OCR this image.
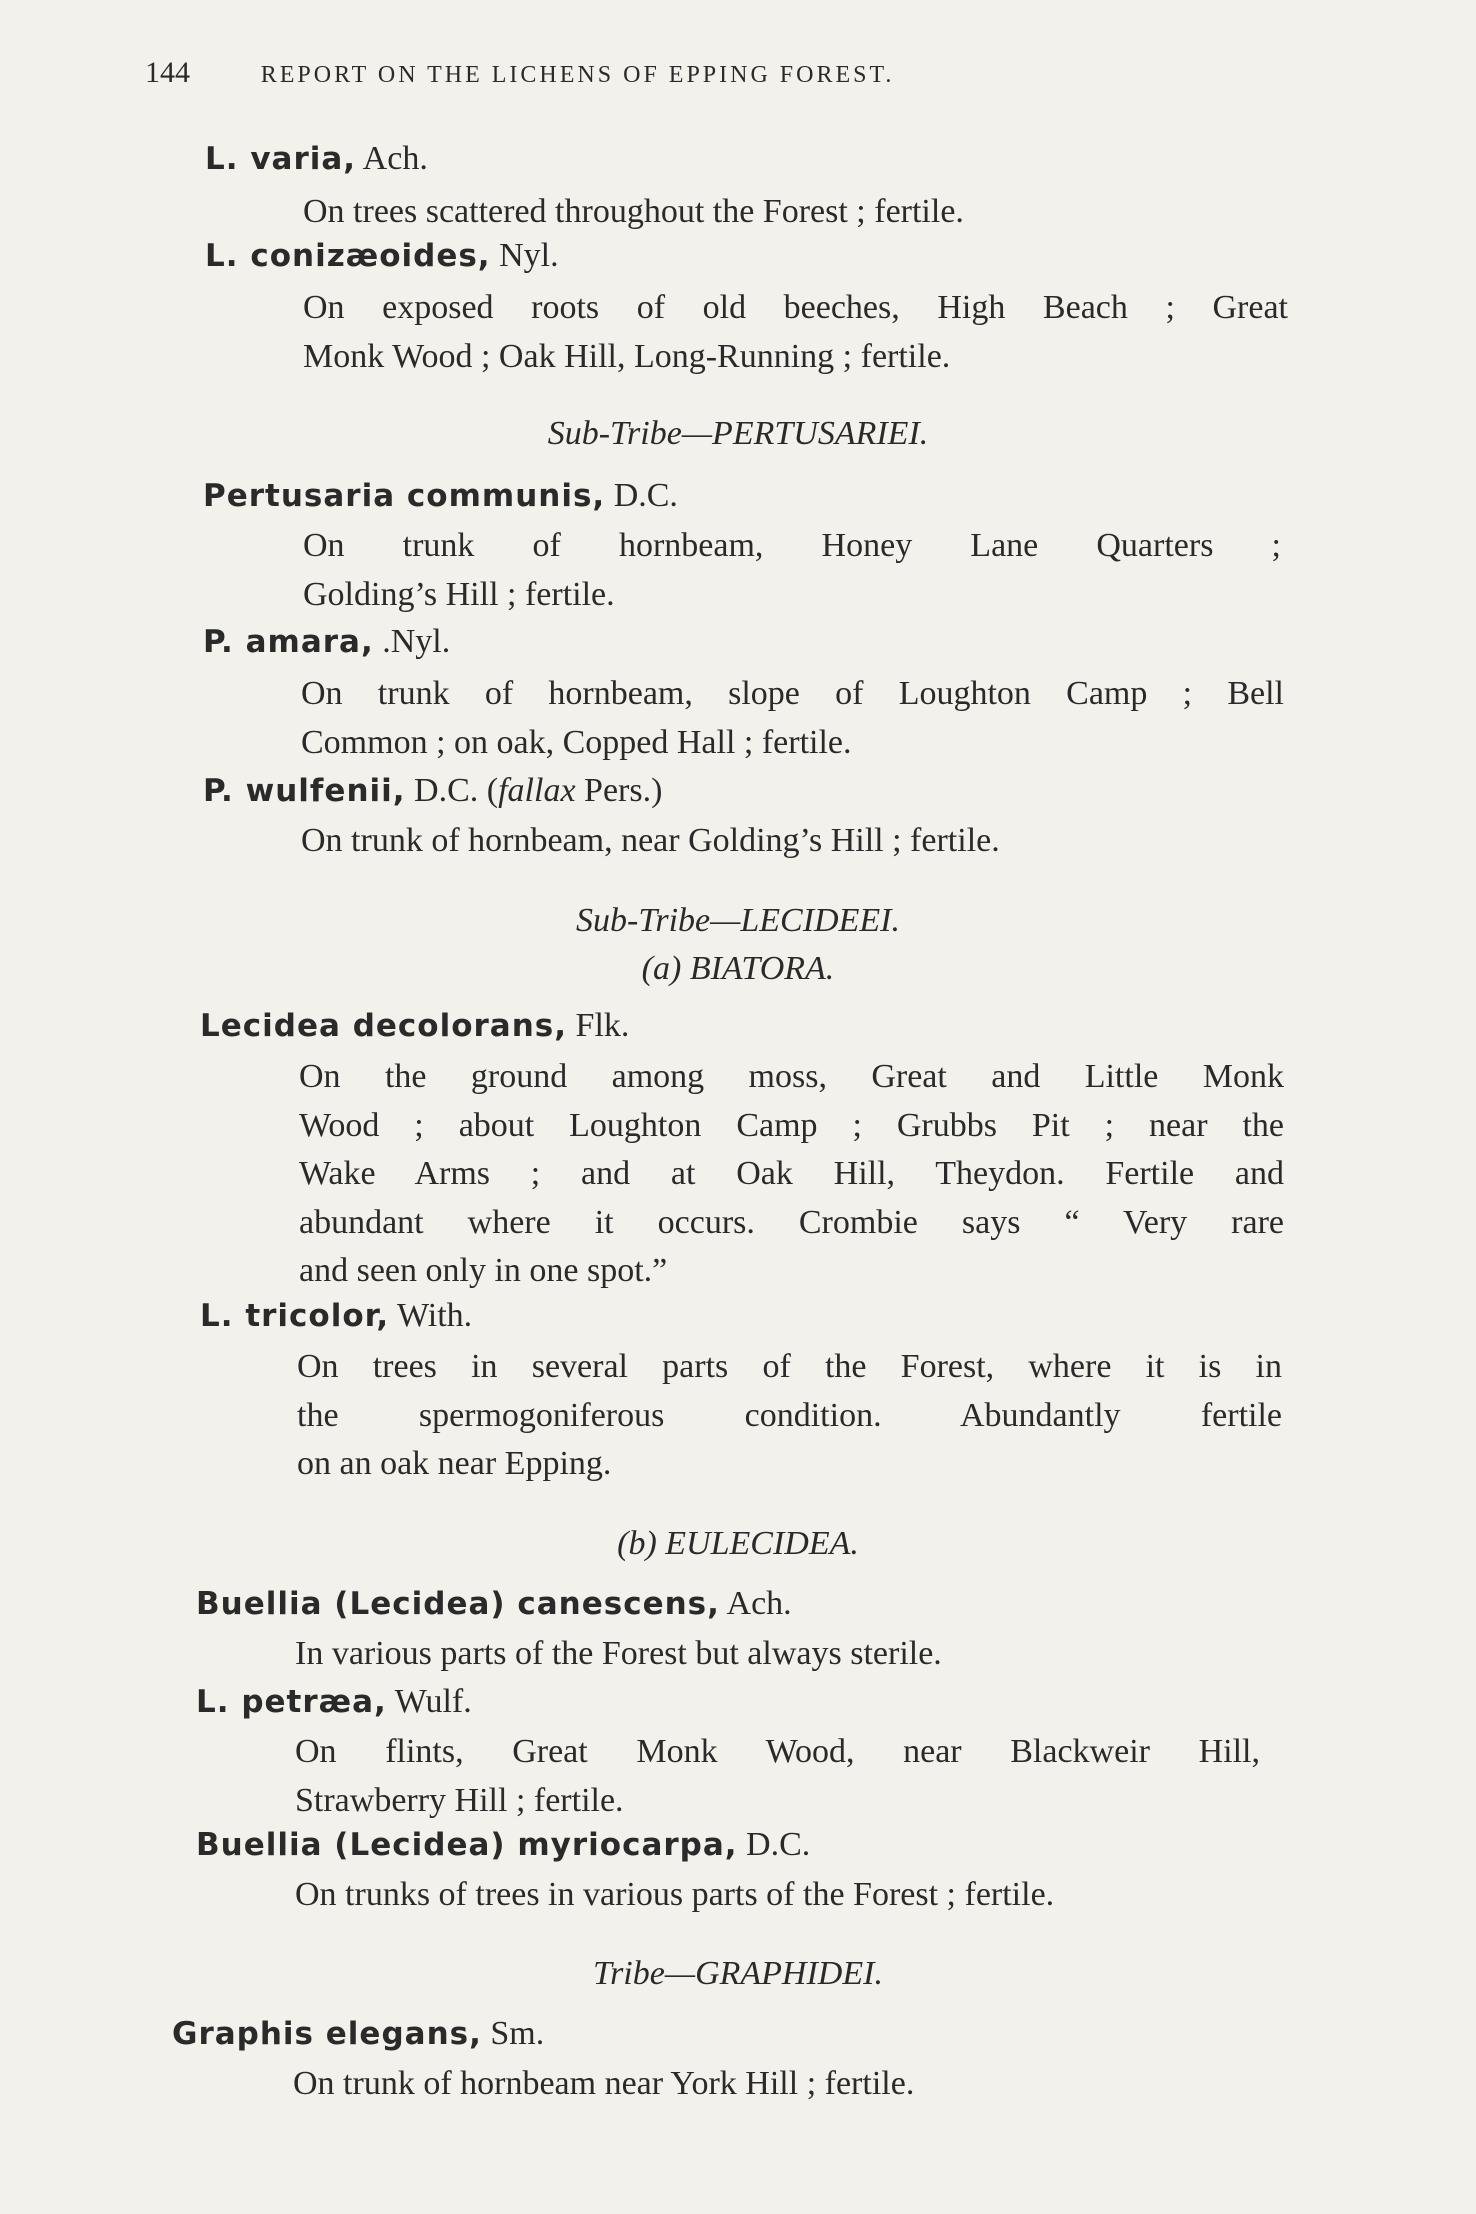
144	REPORT ON THE LICHENS OF EPPING FOREST.
L. varia, Ach.
On trees scattered throughout the Forest ; fertile.
L. conizæoides, Nyl.
On exposed roots of old beeches, High Beach ; Great
Monk Wood ; Oak Hill, Long-Running ; fertile.
Sub-Tribe—PERTUSARIEI.
Pertusaria communis, D.C.
On trunk of hornbeam, Honey Lane Quarters ;
Golding’s Hill ; fertile.
P. amara, .Nyl.
On trunk of hornbeam, slope of Loughton Camp ; Bell
Common ; on oak, Copped Hall ; fertile.
P. wulfenii, D.C. (fallax Pers.)
On trunk of hornbeam, near Golding’s Hill ; fertile.
Sub-Tribe—LECIDEEI.
(a) BIATORA.
Lecidea decolorans, Flk.
On the ground among moss, Great and Little Monk
Wood ; about Loughton Camp ; Grubbs Pit ; near the
Wake Arms ; and at Oak Hill, Theydon. Fertile and
abundant where it occurs. Crombie says “ Very rare
and seen only in one spot.”
L. tricolor, With.
On trees in several parts of the Forest, where it is in
the spermogoniferous condition. Abundantly fertile
on an oak near Epping.
(b) EULECIDEA.
Buellia (Lecidea) canescens, Ach.
In various parts of the Forest but always sterile.
L. petræa, Wulf.
On flints, Great Monk Wood, near Blackweir Hill,
Strawberry Hill ; fertile.
Buellia (Lecidea) myriocarpa, D.C.
On trunks of trees in various parts of the Forest ; fertile.
Tribe—GRAPHIDEI.
Graphis elegans, Sm.
On trunk of hornbeam near York Hill ; fertile.
